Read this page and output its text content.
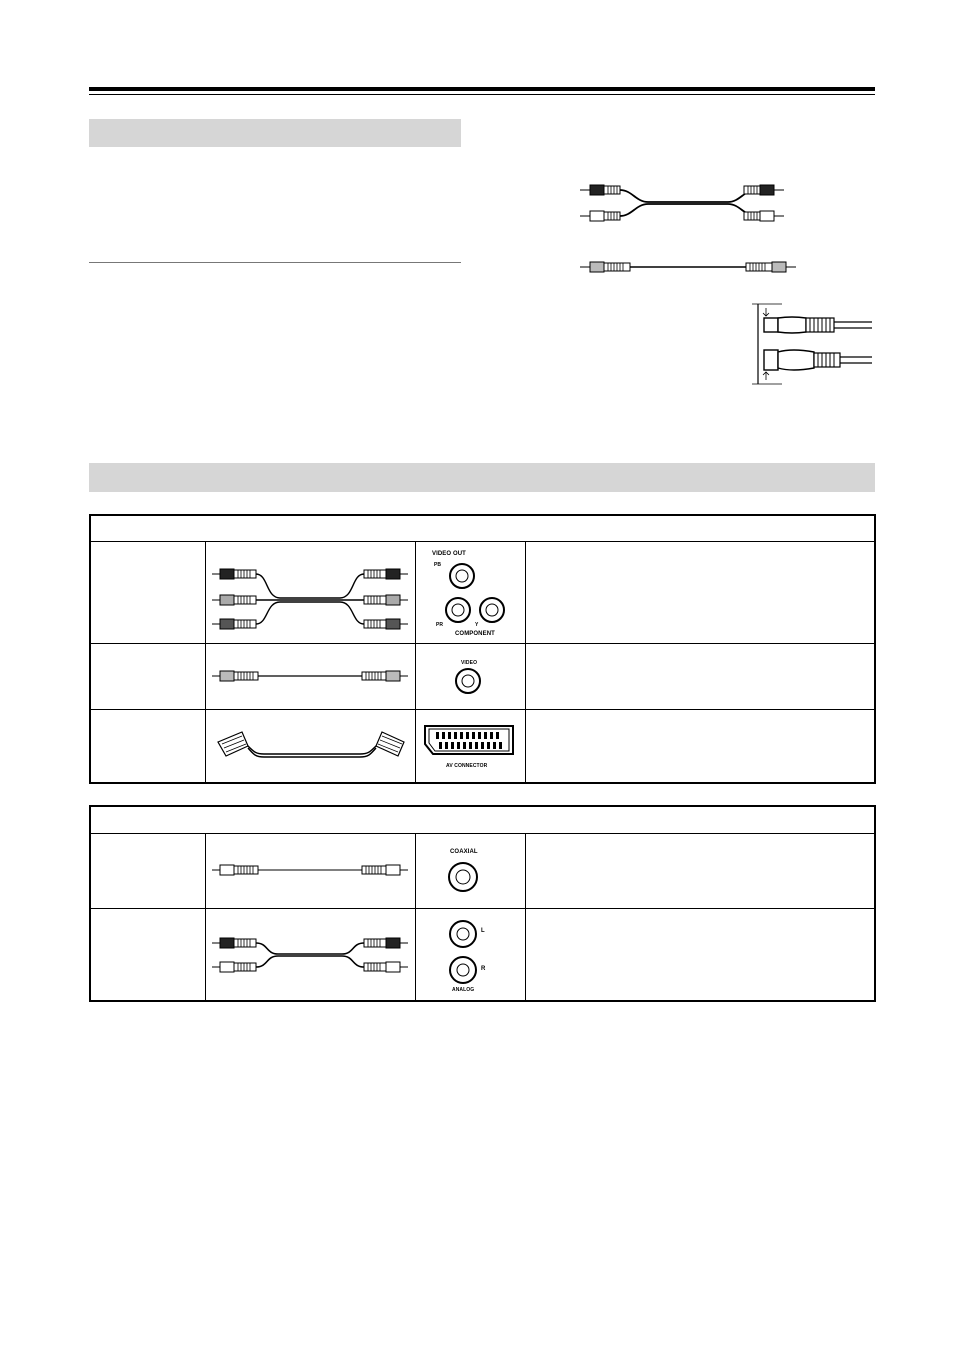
VIDEO OUT
PB
PR	Y
COMPONENT
VIDEO
AV CONNECTOR
COAXIAL
L
R
ANALOG
